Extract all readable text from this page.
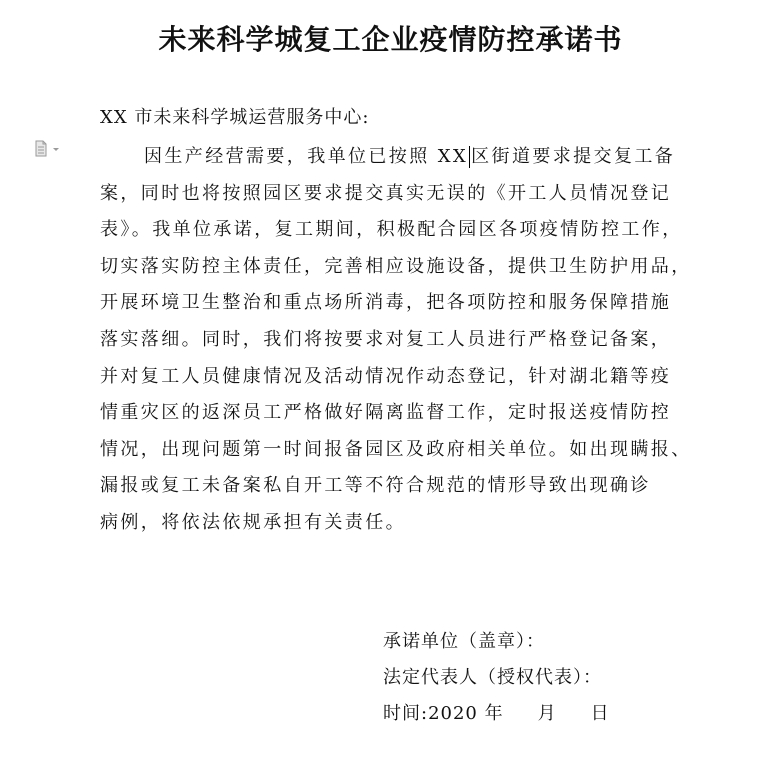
未来科学城复工企业疫情防控承诺书
XX 市未来科学城运营服务中心:
因生产经营需要，我单位已按照 XX 区街道要求提交复工备
案，同时也将按照园区要求提交真实无误的《开工人员情况登记
表》。我单位承诺，复工期间，积极配合园区各项疫情防控工作，
切实落实防控主体责任，完善相应设施设备，提供卫生防护用品，
开展环境卫生整治和重点场所消毒，把各项防控和服务保障措施
落实落细。同时，我们将按要求对复工人员进行严格登记备案，
并对复工人员健康情况及活动情况作动态登记，针对湖北籍等疫
情重灾区的返深员工严格做好隔离监督工作，定时报送疫情防控
情况，出现问题第一时间报备园区及政府相关单位。如出现瞒报、
漏报或复工未备案私自开工等不符合规范的情形导致出现确诊
病例，将依法依规承担有关责任。
承诺单位（盖章）：
法定代表人（授权代表）：
时间:2020 年 月 日
